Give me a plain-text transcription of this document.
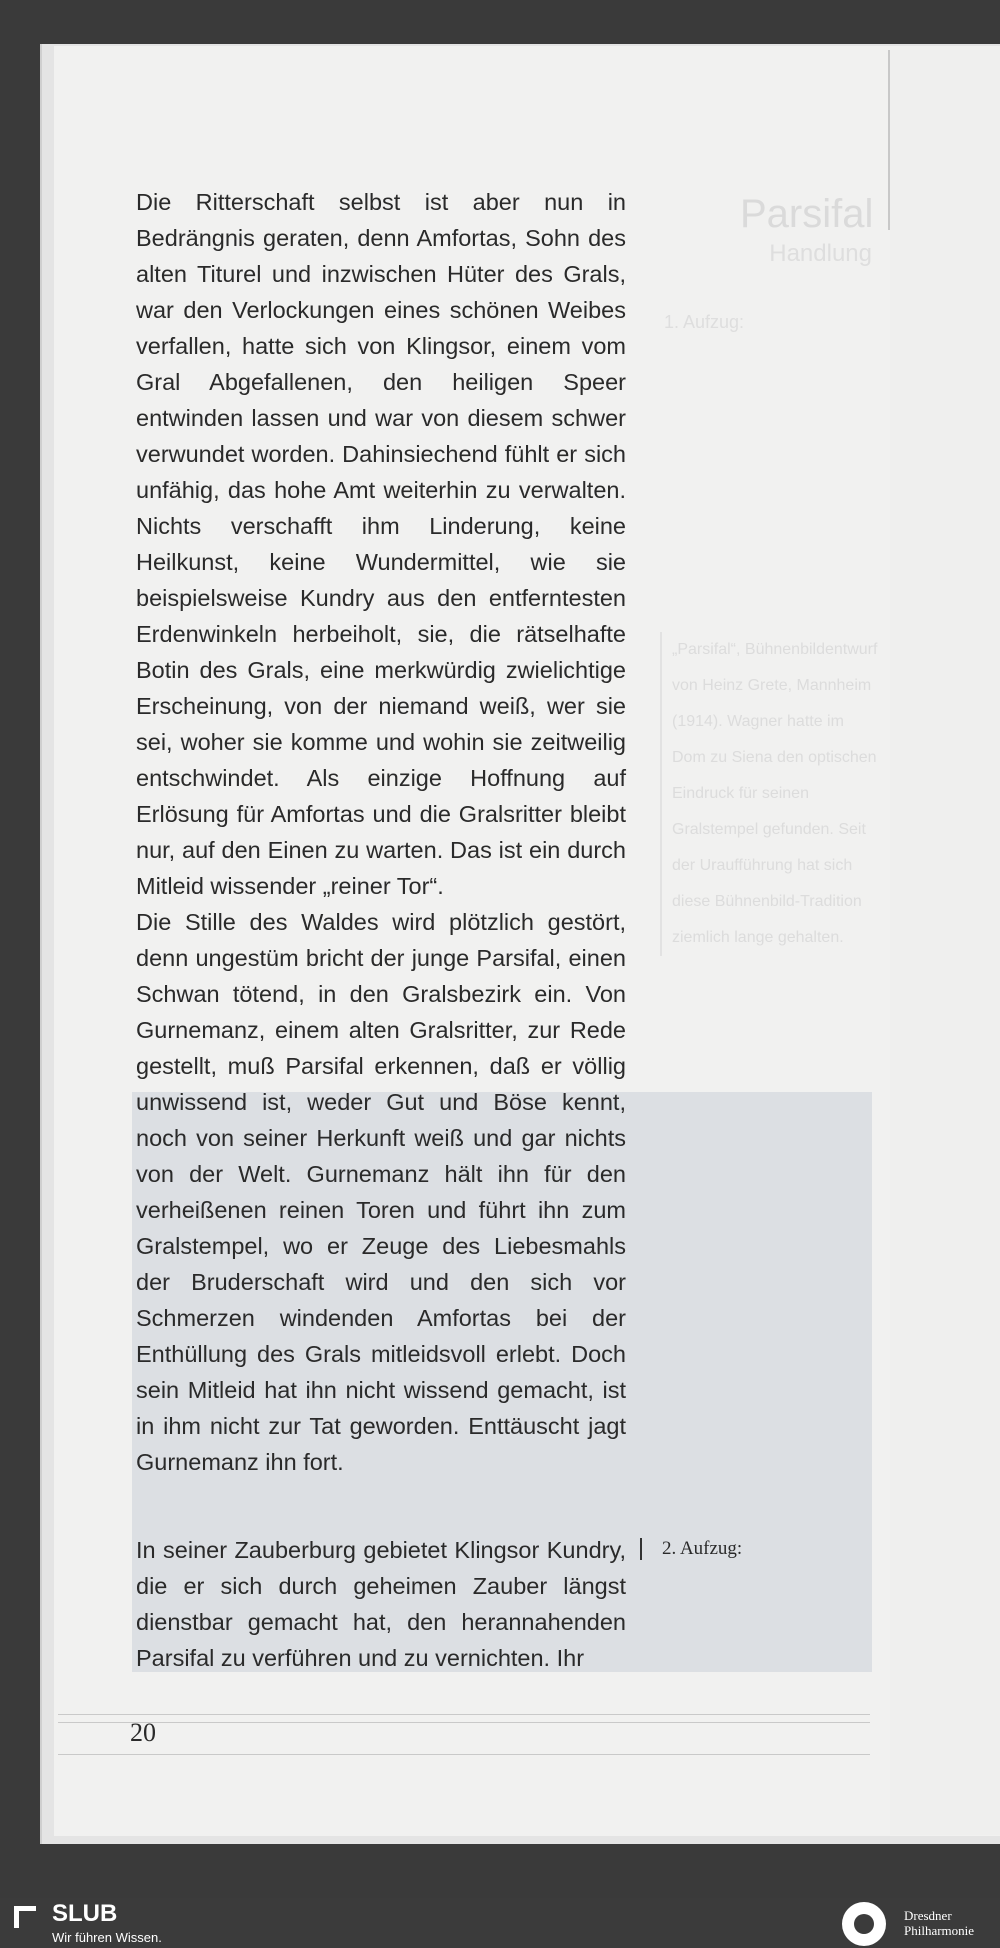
Parsifal
Handlung
1. Aufzug:
„Parsifal“, Bühnenbildentwurf von Heinz Grete, Mannheim (1914). Wagner hatte im Dom zu Siena den optischen Eindruck für seinen Gralstempel gefunden. Seit der Uraufführung hat sich diese Bühnenbild-Tradition ziemlich lange gehalten.

Die Ritterschaft selbst ist aber nun in Bedrängnis geraten, denn Amfortas, Sohn des alten Titurel und inzwischen Hüter des Grals, war den Verlockungen eines schönen Weibes verfallen, hatte sich von Klingsor, einem vom Gral Abgefallenen, den heiligen Speer entwinden lassen und war von diesem schwer verwundet worden. Dahinsiechend fühlt er sich unfähig, das hohe Amt weiterhin zu verwalten. Nichts verschafft ihm Linderung, keine Heilkunst, keine Wundermittel, wie sie beispielsweise Kundry aus den entferntesten Erdenwinkeln herbeiholt, sie, die rätselhafte Botin des Grals, eine merkwürdig zwielichtige Erscheinung, von der niemand weiß, wer sie sei, woher sie komme und wohin sie zeitweilig entschwindet. Als einzige Hoffnung auf Erlösung für Amfortas und die Gralsritter bleibt nur, auf den Einen zu warten. Das ist ein durch Mitleid wissender „reiner Tor“.

Die Stille des Waldes wird plötzlich gestört, denn ungestüm bricht der junge Parsifal, einen Schwan tötend, in den Gralsbezirk ein. Von Gurnemanz, einem alten Gralsritter, zur Rede gestellt, muß Parsifal erkennen, daß er völlig unwissend ist, weder Gut und Böse kennt, noch von seiner Herkunft weiß und gar nichts von der Welt. Gurnemanz hält ihn für den verheißenen reinen Toren und führt ihn zum Gralstempel, wo er Zeuge des Liebesmahls der Bruderschaft wird und den sich vor Schmerzen windenden Amfortas bei der Enthüllung des Grals mitleidsvoll erlebt. Doch sein Mitleid hat ihn nicht wissend gemacht, ist in ihm nicht zur Tat geworden. Enttäuscht jagt Gurnemanz ihn fort.

In seiner Zauberburg gebietet Klingsor Kundry, die er sich durch geheimen Zauber längst dienstbar gemacht hat, den herannahenden Parsifal zu verführen und zu vernichten. Ihr

2. Aufzug:
20
SLUB
Wir führen Wissen.
Dresdner
Philharmonie
